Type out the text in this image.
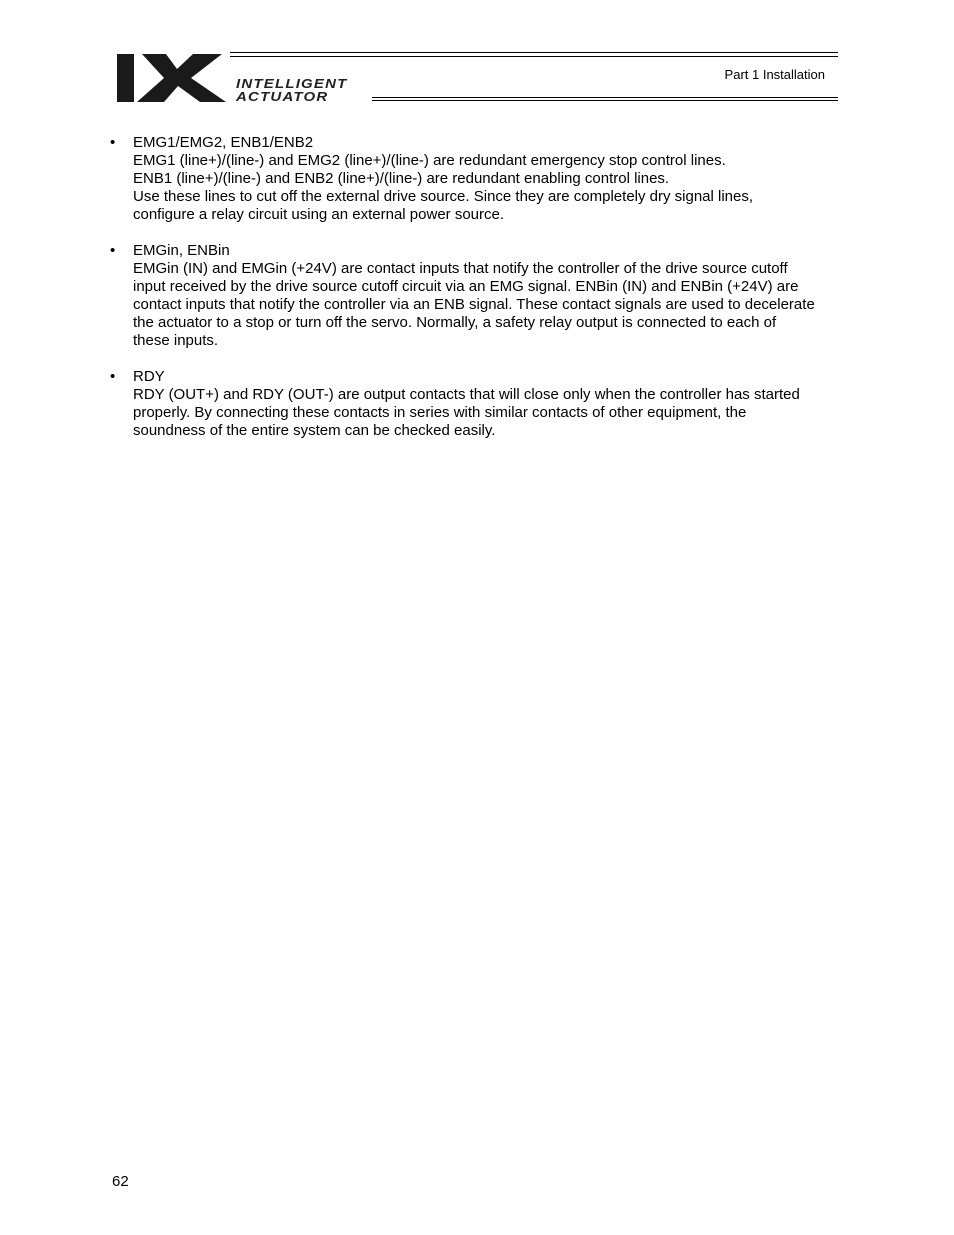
INTELLIGENT
ACTUATOR
Part 1 Installation
• EMG1/EMG2, ENB1/ENB2
EMG1 (line+)/(line-) and EMG2 (line+)/(line-) are redundant emergency stop control lines.
ENB1 (line+)/(line-) and ENB2 (line+)/(line-) are redundant enabling control lines.
Use these lines to cut off the external drive source. Since they are completely dry signal lines,
configure a relay circuit using an external power source.
• EMGin, ENBin
EMGin (IN) and EMGin (+24V) are contact inputs that notify the controller of the drive source cutoff
input received by the drive source cutoff circuit via an EMG signal. ENBin (IN) and ENBin (+24V) are
contact inputs that notify the controller via an ENB signal. These contact signals are used to decelerate
the actuator to a stop or turn off the servo. Normally, a safety relay output is connected to each of
these inputs.
• RDY
RDY (OUT+) and RDY (OUT-) are output contacts that will close only when the controller has started
properly. By connecting these contacts in series with similar contacts of other equipment, the
soundness of the entire system can be checked easily.
62
